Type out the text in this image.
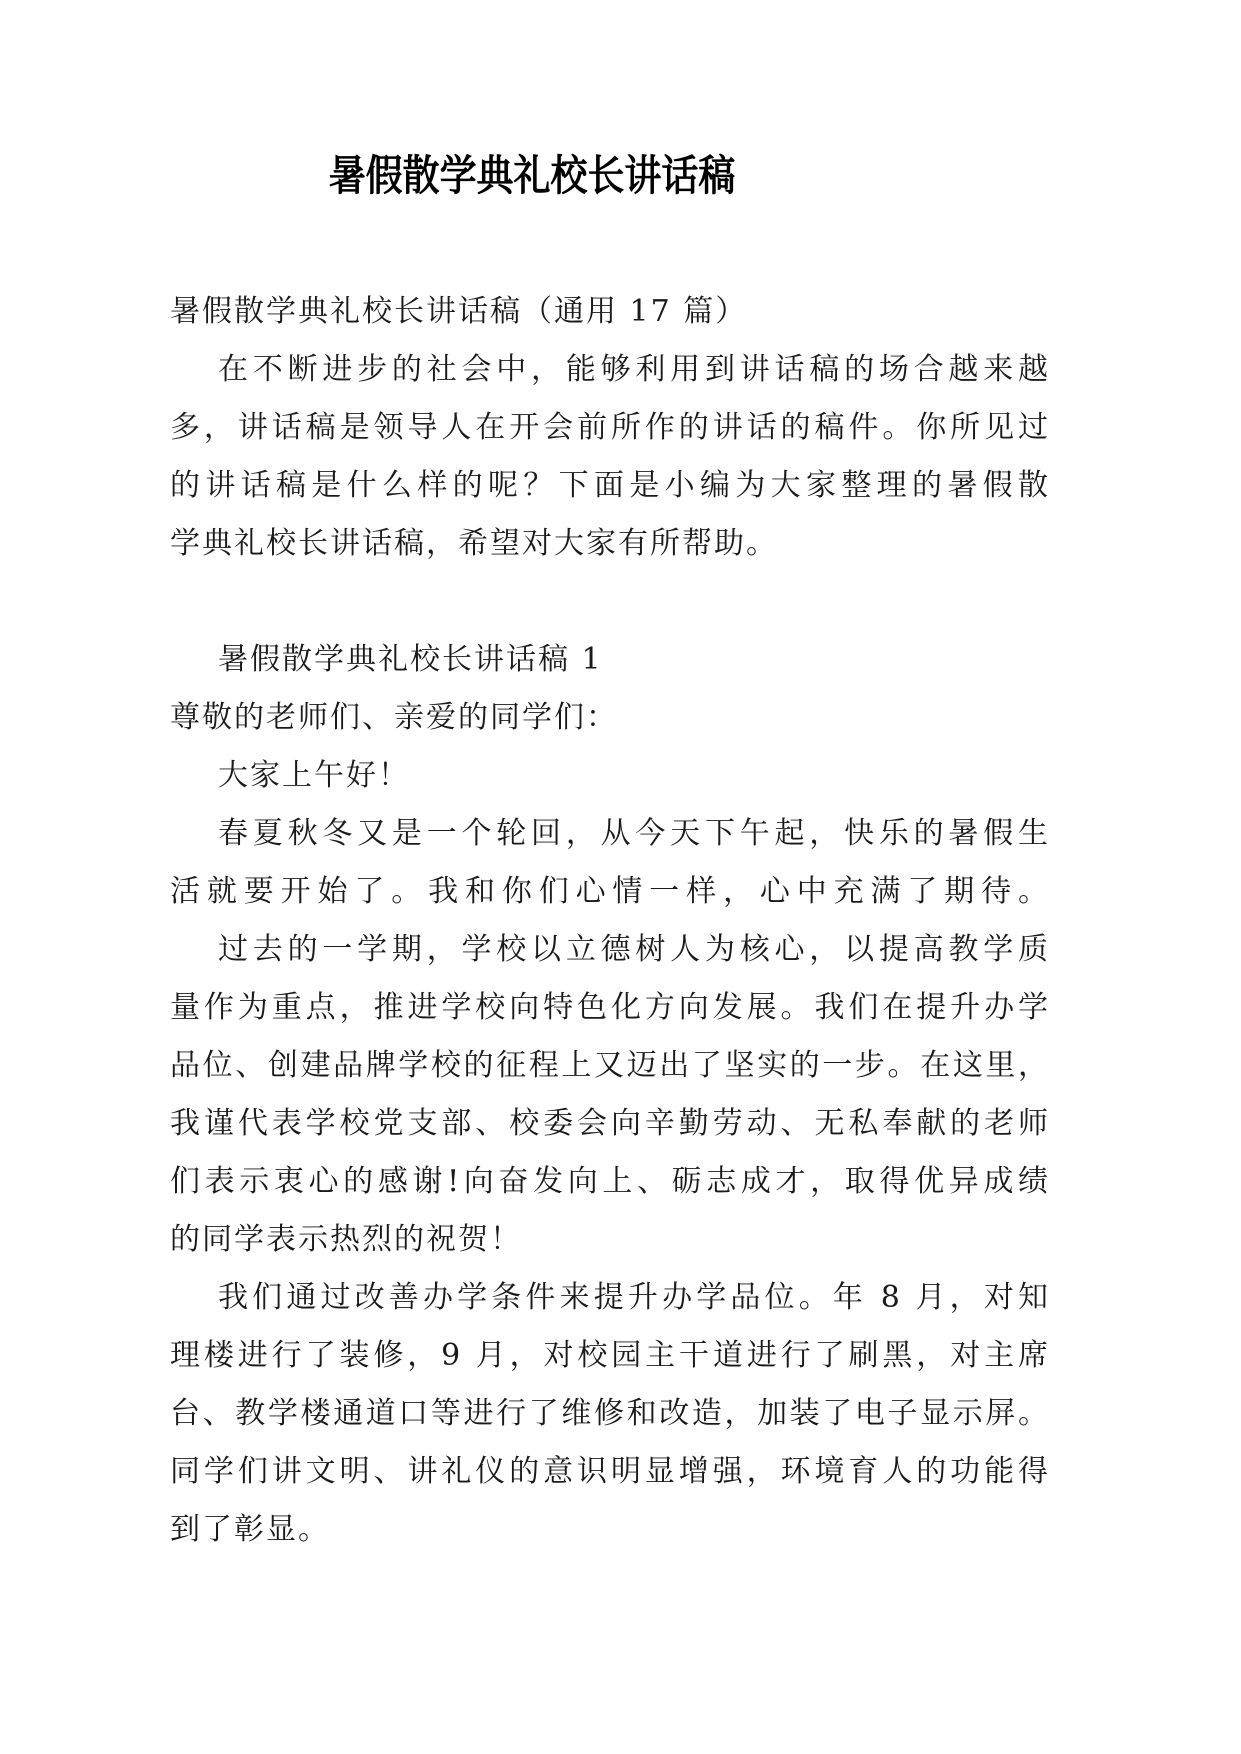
暑假散学典礼校长讲话稿
暑假散学典礼校长讲话稿（通用 17 篇）
在不断进步的社会中，能够利用到讲话稿的场合越来越
多，讲话稿是领导人在开会前所作的讲话的稿件。你所见过
的讲话稿是什么样的呢？下面是小编为大家整理的暑假散
学典礼校长讲话稿，希望对大家有所帮助。
暑假散学典礼校长讲话稿 1
尊敬的老师们、亲爱的同学们：
大家上午好！
春夏秋冬又是一个轮回，从今天下午起，快乐的暑假生
活就要开始了。我和你们心情一样，心中充满了期待。
过去的一学期，学校以立德树人为核心，以提高教学质
量作为重点，推进学校向特色化方向发展。我们在提升办学
品位、创建品牌学校的征程上又迈出了坚实的一步。在这里，
我谨代表学校党支部、校委会向辛勤劳动、无私奉献的老师
们表示衷心的感谢!向奋发向上、砺志成才，取得优异成绩
的同学表示热烈的祝贺！
我们通过改善办学条件来提升办学品位。年 8 月，对知
理楼进行了装修，9 月，对校园主干道进行了刷黑，对主席
台、教学楼通道口等进行了维修和改造，加装了电子显示屏。
同学们讲文明、讲礼仪的意识明显增强，环境育人的功能得
到了彰显。
